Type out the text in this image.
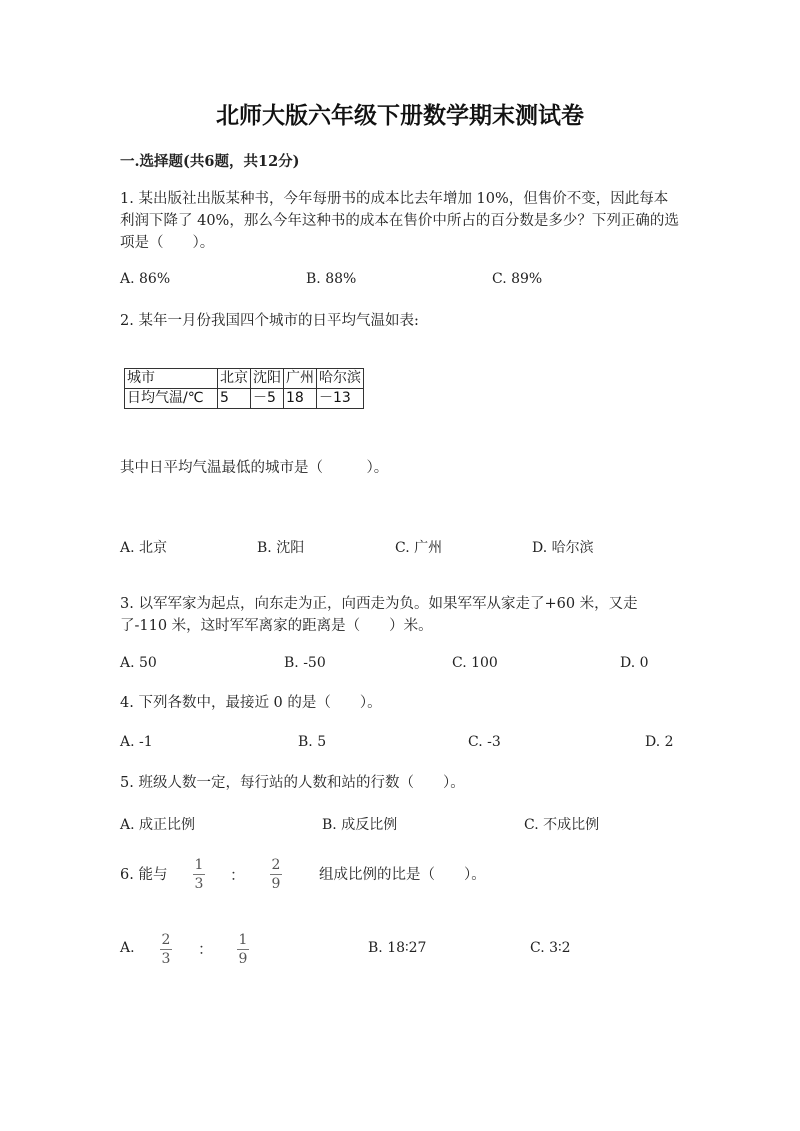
北师大版六年级下册数学期末测试卷
一.选择题(共6题，共12分)
1. 某出版社出版某种书，今年每册书的成本比去年增加 10%，但售价不变，因此每本利润下降了 40%，那么今年这种书的成本在售价中所占的百分数是多少？下列正确的选项是（　　）。
A. 86%	B. 88%	C. 89%
2. 某年一月份我国四个城市的日平均气温如表:
城市	北京	沈阳	广州	哈尔滨
日均气温/℃	5	－5	18	－13
其中日平均气温最低的城市是（　　　）。
A. 北京	B. 沈阳	C. 广州	D. 哈尔滨
3. 以军军家为起点，向东走为正，向西走为负。如果军军从家走了+60 米，又走了-110 米，这时军军离家的距离是（　　）米。
A. 50	B. -50	C. 100	D. 0
4. 下列各数中，最接近 0 的是（　　）。
A. -1	B. 5	C. -3	D. 2
5. 班级人数一定，每行站的人数和站的行数（　　）。
A. 成正比例	B. 成反比例	C. 不成比例
6. 能与
1
3 ：
2
9
组成比例的比是（　　）。
A. 2
3
： 1
9
B. 18∶27	C. 3∶2
